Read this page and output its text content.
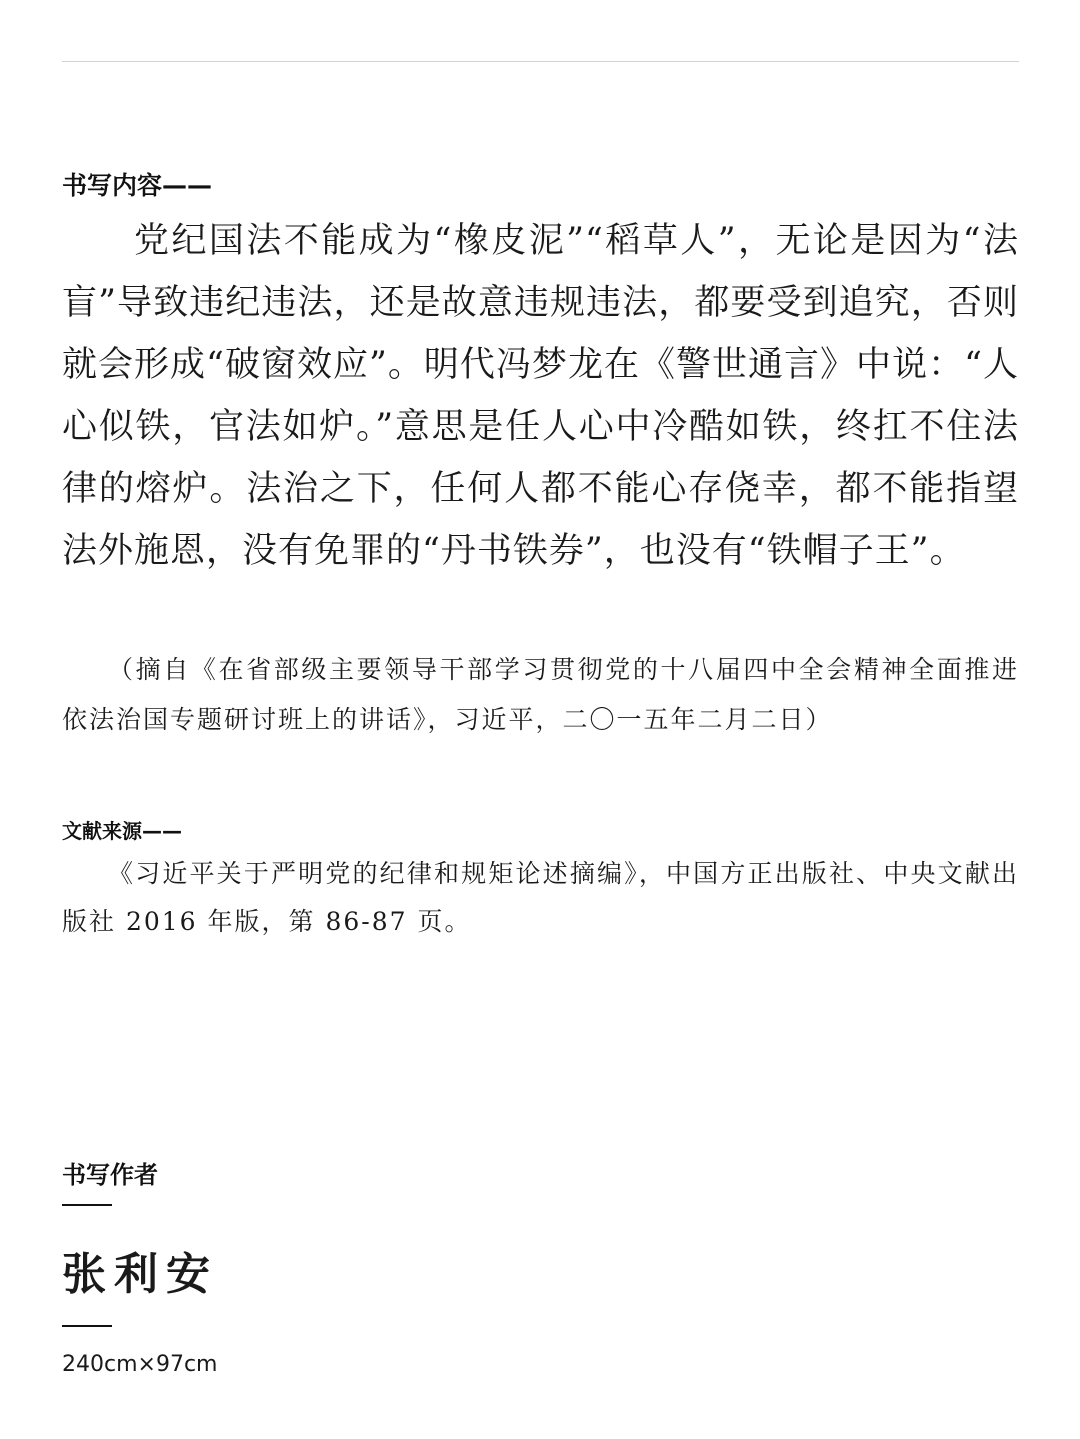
书写内容——

党纪国法不能成为“橡皮泥”“稻草人”，无论是因为“法盲”导致违纪违法，还是故意违规违法，都要受到追究，否则就会形成“破窗效应”。明代冯梦龙在《警世通言》中说：“人心似铁，官法如炉。”意思是任人心中冷酷如铁，终扛不住法律的熔炉。法治之下，任何人都不能心存侥幸，都不能指望法外施恩，没有免罪的“丹书铁券”，也没有“铁帽子王”。

（摘自《在省部级主要领导干部学习贯彻党的十八届四中全会精神全面推进依法治国专题研讨班上的讲话》，习近平，二〇一五年二月二日）

文献来源——

《习近平关于严明党的纪律和规矩论述摘编》，中国方正出版社、中央文献出版社 2016 年版，第 86-87 页。

书写作者
张利安
240cm×97cm
